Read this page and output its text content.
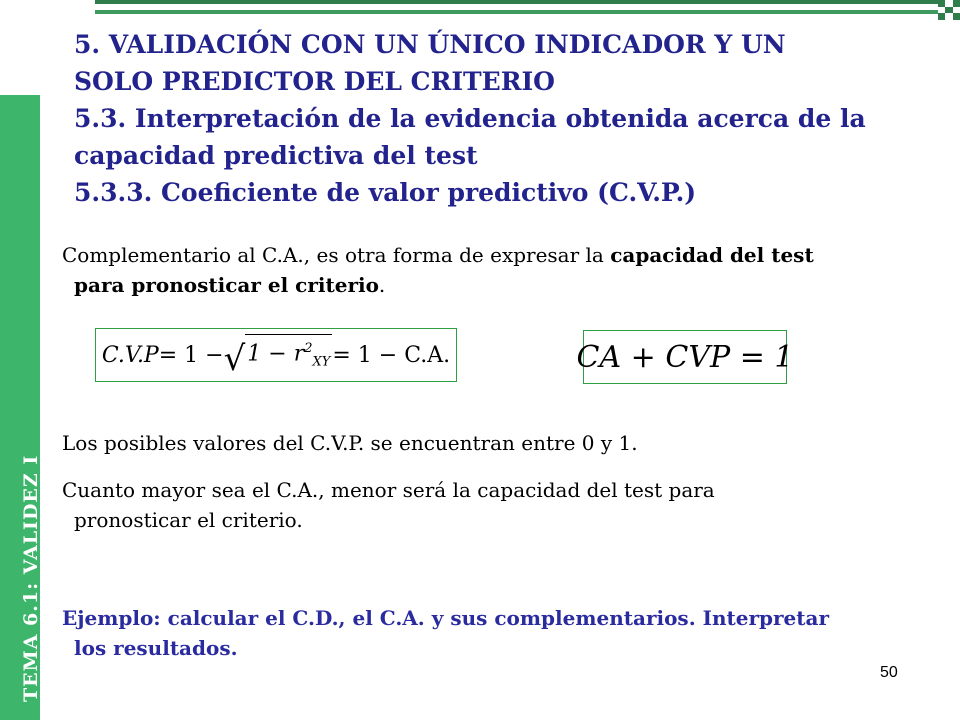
TEMA 6.1: VALIDEZ I
5. VALIDACIÓN CON UN ÚNICO INDICADOR Y UN
SOLO PREDICTOR DEL CRITERIO
5.3. Interpretación de la evidencia obtenida acerca de la
capacidad predictiva del test
5.3.3. Coeficiente de valor predictivo (C.V.P.)
Complementario al C.A., es otra forma de expresar la capacidad del test
para pronosticar el criterio.
C.V.P = 1 − √ $1 - r^2_{XY} = 1 - C.A$.	CA + CVP = 1
Los posibles valores del C.V.P. se encuentran entre 0 y 1.
Cuanto mayor sea el C.A., menor será la capacidad del test para
pronosticar el criterio.
Ejemplo: calcular el C.D., el C.A. y sus complementarios. Interpretar
los resultados.
50
